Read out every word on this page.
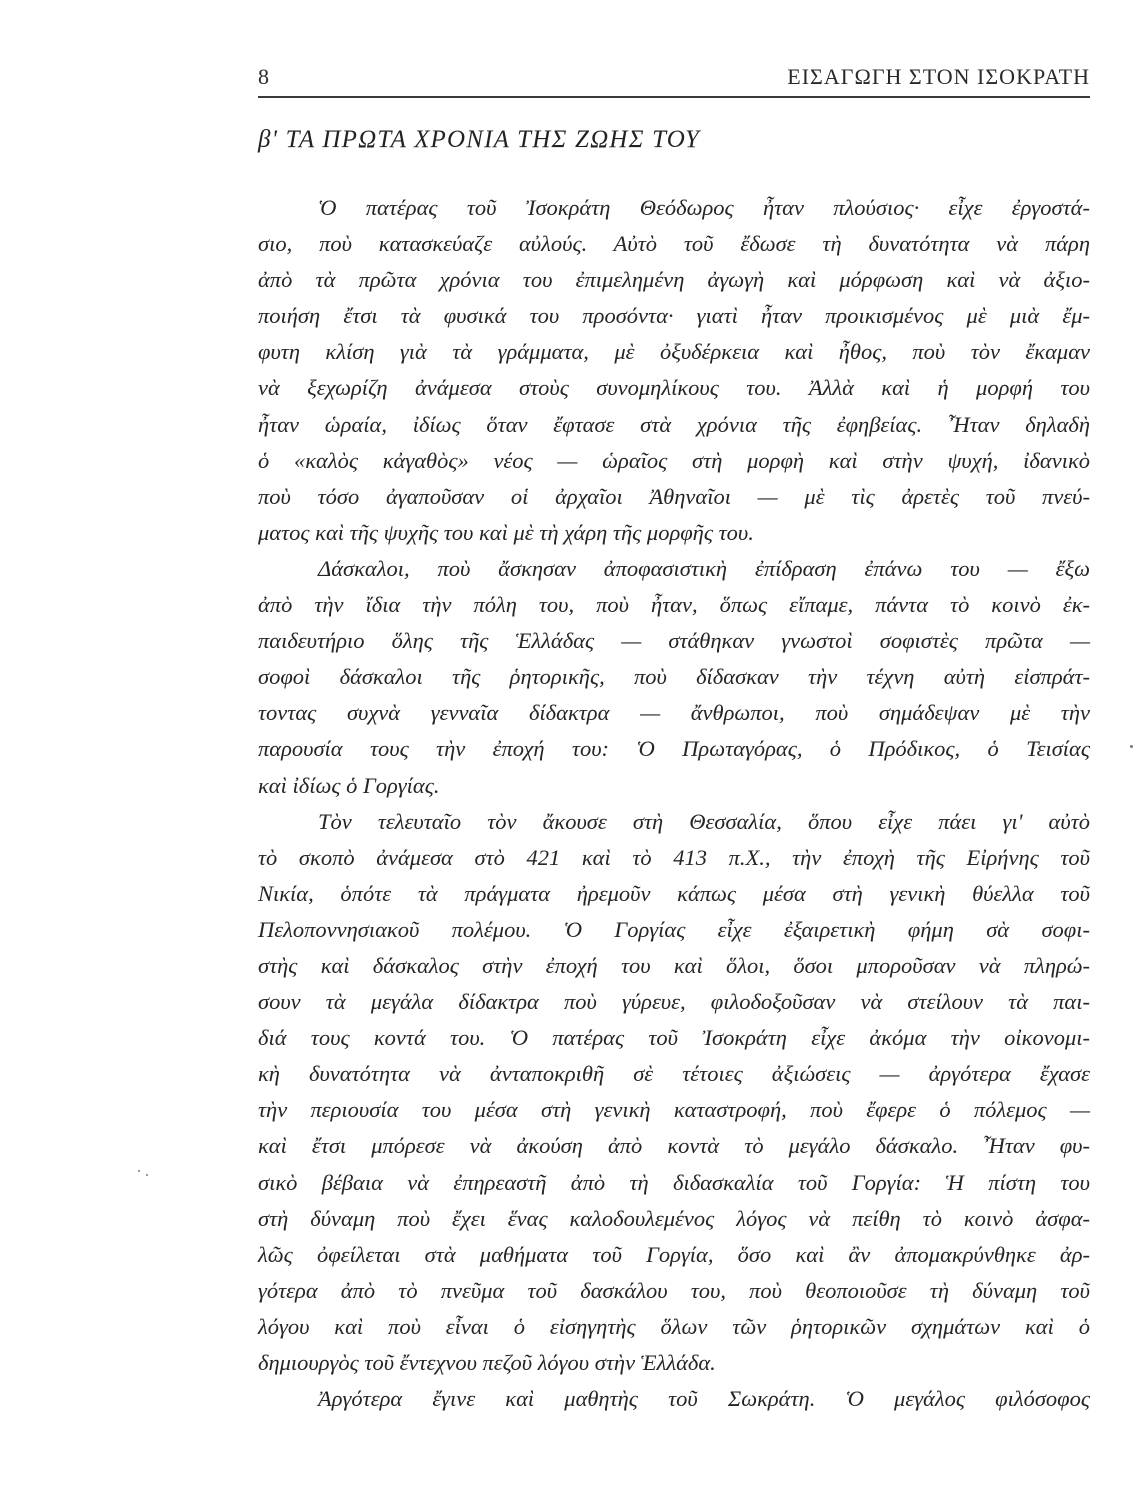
8	ΕΙΣΑΓΩΓΗ ΣΤΟΝ ΙΣΟΚΡΑΤΗ
β' ΤΑ ΠΡΩΤΑ ΧΡΟΝΙΑ ΤΗΣ ΖΩΗΣ ΤΟΥ
Ὁ πατέρας τοῦ Ἰσοκράτη Θεόδωρος ἦταν πλούσιος· εἶχε ἐργοστά-
σιο, ποὺ κατασκεύαζε αὐλούς. Αὐτὸ τοῦ ἔδωσε τὴ δυνατότητα νὰ πάρη
ἀπὸ τὰ πρῶτα χρόνια του ἐπιμελημένη ἀγωγὴ καὶ μόρφωση καὶ νὰ ἀξιο-
ποιήση ἔτσι τὰ φυσικά του προσόντα· γιατὶ ἦταν προικισμένος μὲ μιὰ ἔμ-
φυτη κλίση γιὰ τὰ γράμματα, μὲ ὀξυδέρκεια καὶ ἦθος, ποὺ τὸν ἔκαμαν
νὰ ξεχωρίζη ἀνάμεσα στοὺς συνομηλίκους του. Ἀλλὰ καὶ ἡ μορφή του
ἦταν ὡραία, ἰδίως ὅταν ἔφτασε στὰ χρόνια τῆς ἐφηβείας. Ἦταν δηλαδὴ
ὁ «καλὸς κἀγαθὸς» νέος — ὡραῖος στὴ μορφὴ καὶ στὴν ψυχή, ἰδανικὸ
ποὺ τόσο ἀγαποῦσαν οἱ ἀρχαῖοι Ἀθηναῖοι — μὲ τὶς ἀρετὲς τοῦ πνεύ-
ματος καὶ τῆς ψυχῆς του καὶ μὲ τὴ χάρη τῆς μορφῆς του.
Δάσκαλοι, ποὺ ἄσκησαν ἀποφασιστικὴ ἐπίδραση ἐπάνω του — ἔξω
ἀπὸ τὴν ἴδια τὴν πόλη του, ποὺ ἦταν, ὅπως εἴπαμε, πάντα τὸ κοινὸ ἐκ-
παιδευτήριο ὅλης τῆς Ἑλλάδας — στάθηκαν γνωστοὶ σοφιστὲς πρῶτα —
σοφοὶ δάσκαλοι τῆς ῥητορικῆς, ποὺ δίδασκαν τὴν τέχνη αὐτὴ εἰσπράτ-
τοντας συχνὰ γενναῖα δίδακτρα — ἄνθρωποι, ποὺ σημάδεψαν μὲ τὴν
παρουσία τους τὴν ἐποχή του: Ὁ Πρωταγόρας, ὁ Πρόδικος, ὁ Τεισίας
καὶ ἰδίως ὁ Γοργίας.
Τὸν τελευταῖο τὸν ἄκουσε στὴ Θεσσαλία, ὅπου εἶχε πάει γι' αὐτὸ
τὸ σκοπὸ ἀνάμεσα στὸ 421 καὶ τὸ 413 π.Χ., τὴν ἐποχὴ τῆς Εἰρήνης τοῦ
Νικία, ὁπότε τὰ πράγματα ἠρεμοῦν κάπως μέσα στὴ γενικὴ θύελλα τοῦ
Πελοποννησιακοῦ πολέμου. Ὁ Γοργίας εἶχε ἐξαιρετικὴ φήμη σὰ σοφι-
στὴς καὶ δάσκαλος στὴν ἐποχή του καὶ ὅλοι, ὅσοι μποροῦσαν νὰ πληρώ-
σουν τὰ μεγάλα δίδακτρα ποὺ γύρευε, φιλοδοξοῦσαν νὰ στείλουν τὰ παι-
διά τους κοντά του. Ὁ πατέρας τοῦ Ἰσοκράτη εἶχε ἀκόμα τὴν οἰκονομι-
κὴ δυνατότητα νὰ ἀνταποκριθῆ σὲ τέτοιες ἀξιώσεις — ἀργότερα ἔχασε
τὴν περιουσία του μέσα στὴ γενικὴ καταστροφή, ποὺ ἔφερε ὁ πόλεμος —
καὶ ἔτσι μπόρεσε νὰ ἀκούση ἀπὸ κοντὰ τὸ μεγάλο δάσκαλο. Ἦταν φυ-
σικὸ βέβαια νὰ ἐπηρεαστῆ ἀπὸ τὴ διδασκαλία τοῦ Γοργία: Ἡ πίστη του
στὴ δύναμη ποὺ ἔχει ἕνας καλοδουλεμένος λόγος νὰ πείθη τὸ κοινὸ ἀσφα-
λῶς ὀφείλεται στὰ μαθήματα τοῦ Γοργία, ὅσο καὶ ἂν ἀπομακρύνθηκε ἀρ-
γότερα ἀπὸ τὸ πνεῦμα τοῦ δασκάλου του, ποὺ θεοποιοῦσε τὴ δύναμη τοῦ
λόγου καὶ ποὺ εἶναι ὁ εἰσηγητὴς ὅλων τῶν ῥητορικῶν σχημάτων καὶ ὁ
δημιουργὸς τοῦ ἔντεχνου πεζοῦ λόγου στὴν Ἑλλάδα.
Ἀργότερα ἔγινε καὶ μαθητὴς τοῦ Σωκράτη. Ὁ μεγάλος φιλόσοφος
